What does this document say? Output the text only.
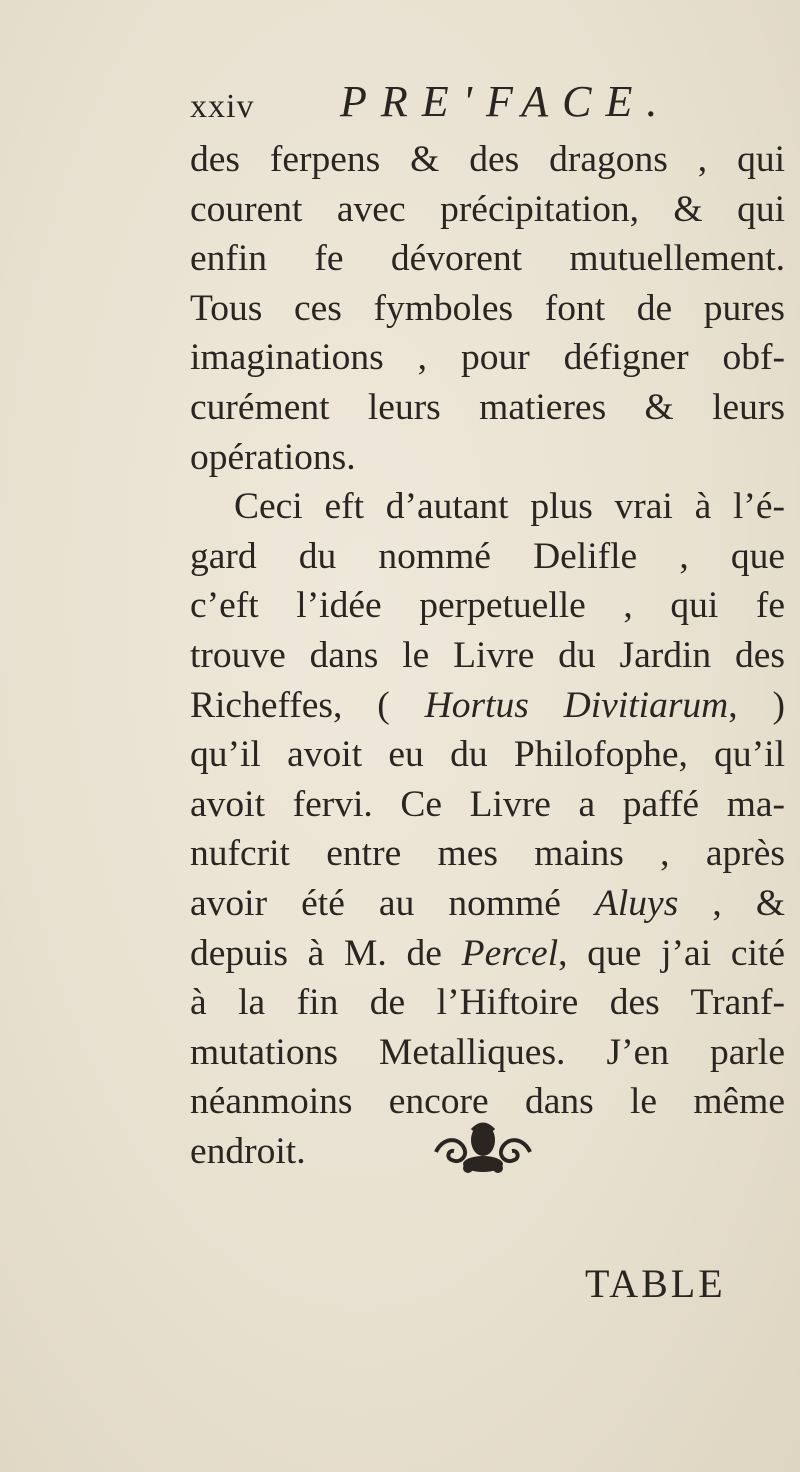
xxiv PRE'FACE.
des ferpens & des dragons , qui
courent avec précipitation, & qui
enfin fe dévorent mutuellement.
Tous ces fymboles font de pures
imaginations , pour défigner obf-
curément leurs matieres & leurs
opérations.
Ceci eft d’autant plus vrai à l’é-
gard du nommé Delifle , que
c’eft l’idée perpetuelle , qui fe
trouve dans le Livre du Jardin des
Richeffes, ( Hortus Divitiarum, )
qu’il avoit eu du Philofophe, qu’il
avoit fervi. Ce Livre a paffé ma-
nufcrit entre mes mains , après
avoir été au nommé Aluys , &
depuis à M. de Percel, que j’ai cité
à la fin de l’Hiftoire des Tranf-
mutations Metalliques. J’en parle
néanmoins encore dans le même
endroit.
TABLE
